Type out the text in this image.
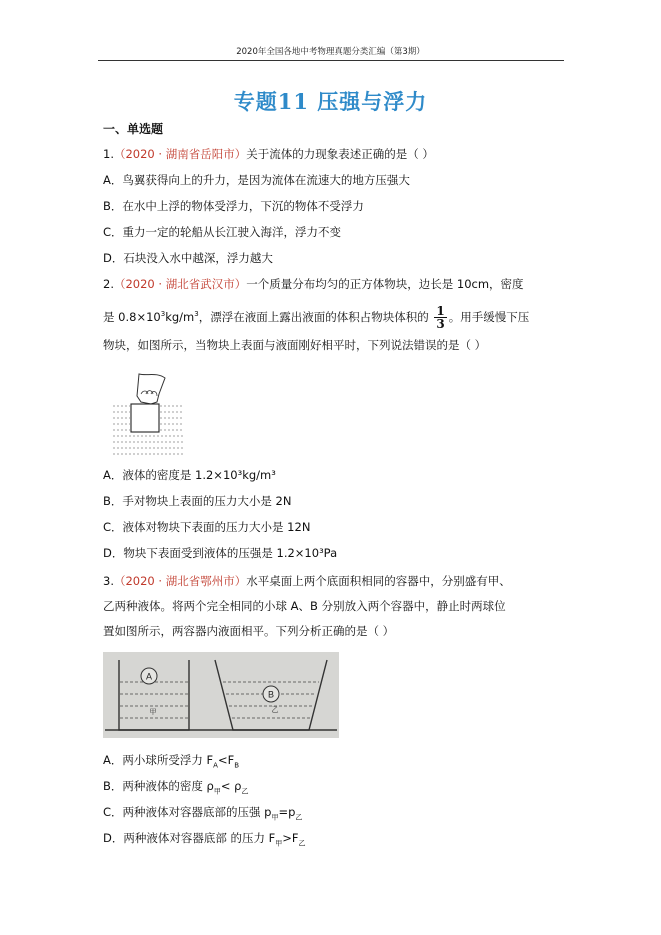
2020年全国各地中考物理真题分类汇编（第3期）
专题11 压强与浮力
一、单选题
1.（2020 · 湖南省岳阳市）关于流体的力现象表述正确的是（ ）
A．鸟翼获得向上的升力，是因为流体在流速大的地方压强大
B．在水中上浮的物体受浮力，下沉的物体不受浮力
C．重力一定的轮船从长江驶入海洋，浮力不变
D．石块没入水中越深，浮力越大
2.（2020 · 湖北省武汉市）一个质量分布均匀的正方体物块，边长是 10cm，密度
是 $0.8\times 10^3kg/m^3$，漂浮在液面上露出液面的体积占物块体积的 $\frac{1}{3}$ 。用手缓慢下压
物块，如图所示，当物块上表面与液面刚好相平时，下列说法错误的是（ ）
A．液体的密度是 1.2×10³kg/m³
B．手对物块上表面的压力大小是 2N
C．液体对物块下表面的压力大小是 12N
D．物块下表面受到液体的压强是 1.2×10³Pa
3.（2020 · 湖北省鄂州市）水平桌面上两个底面积相同的容器中，分别盛有甲、
乙两种液体。将两个完全相同的小球 A、B 分别放入两个容器中，静止时两球位
置如图所示，两容器内液面相平。下列分析正确的是（ ）
A
甲
B
乙
A．两小球所受浮力 $F_A<F_B$
B．两种液体的密度 $\rho_甲< \rho_乙$
C．两种液体对容器底部的压强 $p_甲=p_乙$
D．两种液体对容器底部 的压力 $F_甲>F_乙$
